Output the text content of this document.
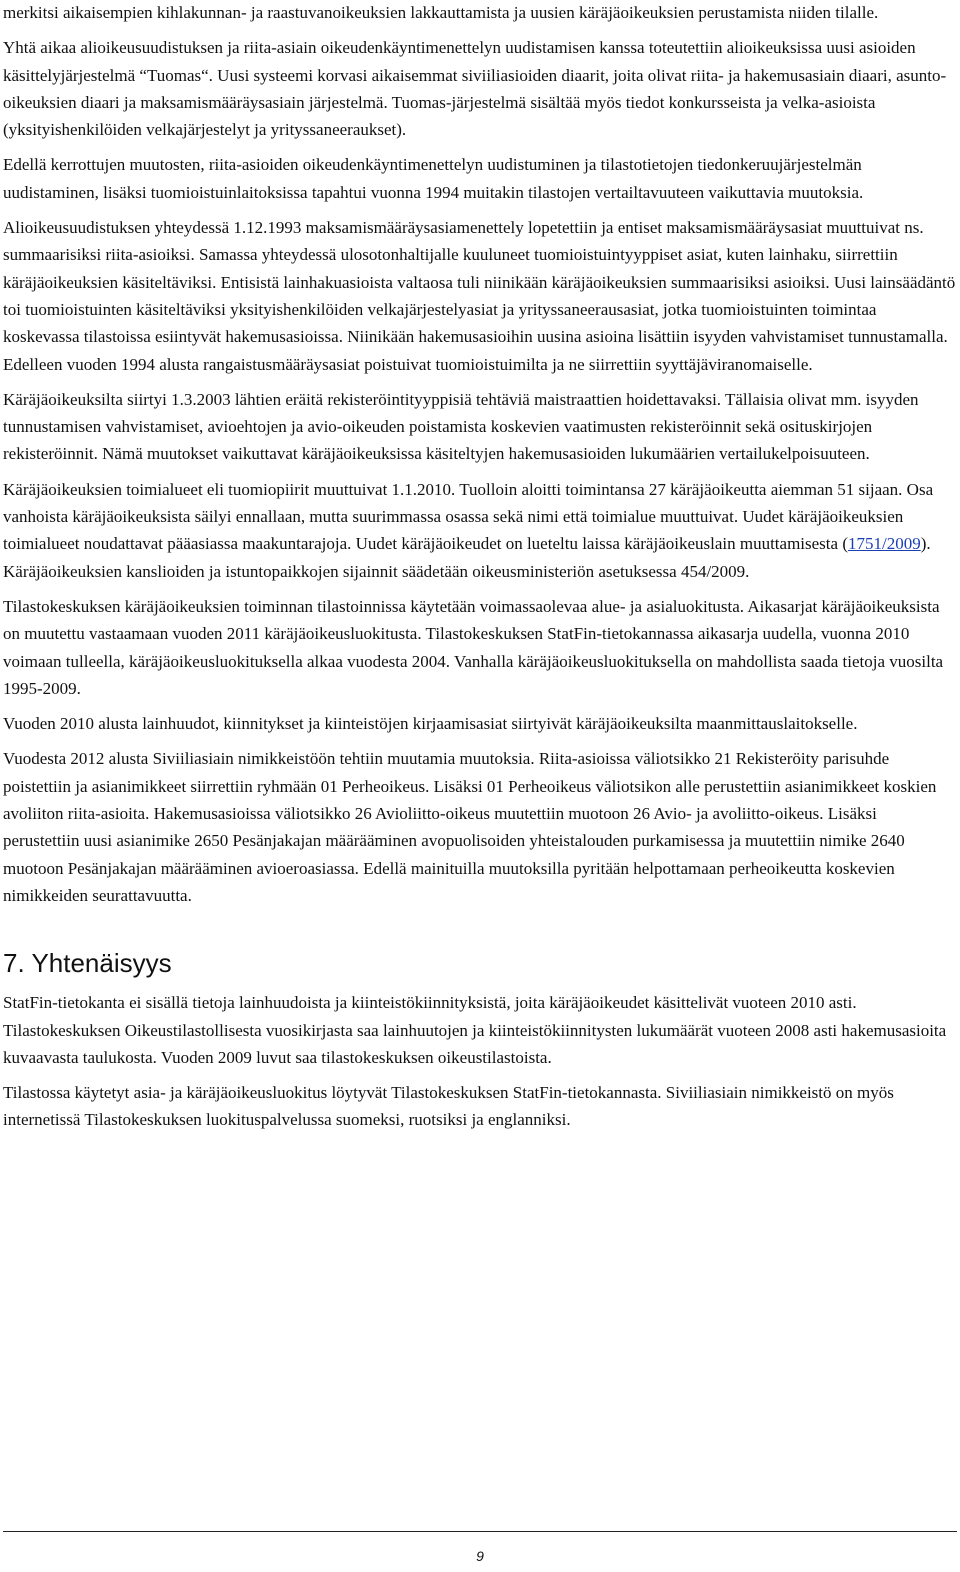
merkitsi aikaisempien kihlakunnan- ja raastuvanoikeuksien lakkauttamista ja uusien käräjäoikeuksien perustamista niiden tilalle.

Yhtä aikaa alioikeusuudistuksen ja riita-asiain oikeudenkäyntimenettelyn uudistamisen kanssa toteutettiin alioikeuksissa uusi asioiden käsittelyjärjestelmä “Tuomas“. Uusi systeemi korvasi aikaisemmat siviiliasioiden diaarit, joita olivat riita- ja hakemusasiain diaari, asunto-oikeuksien diaari ja maksamismääräysasiain järjestelmä. Tuomas-järjestelmä sisältää myös tiedot konkursseista ja velka-asioista (yksityishenkilöiden velkajärjestelyt ja yrityssaneeraukset).

Edellä kerrottujen muutosten, riita-asioiden oikeudenkäyntimenettelyn uudistuminen ja tilastotietojen tiedonkeruujärjestelmän uudistaminen, lisäksi tuomioistuinlaitoksissa tapahtui vuonna 1994 muitakin tilastojen vertailtavuuteen vaikuttavia muutoksia.

Alioikeusuudistuksen yhteydessä 1.12.1993 maksamismääräysasiamenettely lopetettiin ja entiset maksamismääräysasiat muuttuivat ns. summaarisiksi riita-asioiksi. Samassa yhteydessä ulosotonhaltijalle kuuluneet tuomioistuintyyppiset asiat, kuten lainhaku, siirrettiin käräjäoikeuksien käsiteltäviksi. Entisistä lainhakuasioista valtaosa tuli niinikään käräjäoikeuksien summaarisiksi asioiksi. Uusi lainsäädäntö toi tuomioistuinten käsiteltäviksi yksityishenkilöiden velkajärjestelyasiat ja yrityssaneerausasiat, jotka tuomioistuinten toimintaa koskevassa tilastoissa esiintyvät hakemusasioissa. Niinikään hakemusasioihin uusina asioina lisättiin isyyden vahvistamiset tunnustamalla. Edelleen vuoden 1994 alusta rangaistusmääräysasiat poistuivat tuomioistuimilta ja ne siirrettiin syyttäjäviranomaiselle.

Käräjäoikeuksilta siirtyi 1.3.2003 lähtien eräitä rekisteröintityyppisiä tehtäviä maistraattien hoidettavaksi. Tällaisia olivat mm. isyyden tunnustamisen vahvistamiset, avioehtojen ja avio-oikeuden poistamista koskevien vaatimusten rekisteröinnit sekä osituskirjojen rekisteröinnit. Nämä muutokset vaikuttavat käräjäoikeuksissa käsiteltyjen hakemusasioiden lukumäärien vertailukelpoisuuteen.

Käräjäoikeuksien toimialueet eli tuomiopiirit muuttuivat 1.1.2010. Tuolloin aloitti toimintansa 27 käräjäoikeutta aiemman 51 sijaan. Osa vanhoista käräjäoikeuksista säilyi ennallaan, mutta suurimmassa osassa sekä nimi että toimialue muuttuivat. Uudet käräjäoikeuksien toimialueet noudattavat pääasiassa maakuntarajoja. Uudet käräjäoikeudet on lueteltu laissa käräjäoikeuslain muuttamisesta (1751/2009). Käräjäoikeuksien kanslioiden ja istuntopaikkojen sijainnit säädetään oikeusministeriön asetuksessa 454/2009.

Tilastokeskuksen käräjäoikeuksien toiminnan tilastoinnissa käytetään voimassaolevaa alue- ja asialuokitusta. Aikasarjat käräjäoikeuksista on muutettu vastaamaan vuoden 2011 käräjäoikeusluokitusta. Tilastokeskuksen StatFin-tietokannassa aikasarja uudella, vuonna 2010 voimaan tulleella, käräjäoikeusluokituksella alkaa vuodesta 2004. Vanhalla käräjäoikeusluokituksella on mahdollista saada tietoja vuosilta 1995-2009.

Vuoden 2010 alusta lainhuudot, kiinnitykset ja kiinteistöjen kirjaamisasiat siirtyivät käräjäoikeuksilta maanmittauslaitokselle.

Vuodesta 2012 alusta Siviiliasiain nimikkeistöön tehtiin muutamia muutoksia. Riita-asioissa väliotsikko 21 Rekisteröity parisuhde poistettiin ja asianimikkeet siirrettiin ryhmään 01 Perheoikeus. Lisäksi 01 Perheoikeus väliotsikon alle perustettiin asianimikkeet koskien avoliiton riita-asioita. Hakemusasioissa väliotsikko 26 Avioliitto-oikeus muutettiin muotoon 26 Avio- ja avoliitto-oikeus. Lisäksi perustettiin uusi asianimike 2650 Pesänjakajan määrääminen avopuolisoiden yhteistalouden purkamisessa ja muutettiin nimike 2640 muotoon Pesänjakajan määrääminen avioeroasiassa. Edellä mainituilla muutoksilla pyritään helpottamaan perheoikeutta koskevien nimikkeiden seurattavuutta.

7. Yhtenäisyys

StatFin-tietokanta ei sisällä tietoja lainhuudoista ja kiinteistökiinnityksistä, joita käräjäoikeudet käsittelivät vuoteen 2010 asti. Tilastokeskuksen Oikeustilastollisesta vuosikirjasta saa lainhuutojen ja kiinteistökiinnitysten lukumäärät vuoteen 2008 asti hakemusasioita kuvaavasta taulukosta. Vuoden 2009 luvut saa tilastokeskuksen oikeustilastoista.

Tilastossa käytetyt asia- ja käräjäoikeusluokitus löytyvät Tilastokeskuksen StatFin-tietokannasta. Siviiliasiain nimikkeistö on myös internetissä Tilastokeskuksen luokituspalvelussa suomeksi, ruotsiksi ja englanniksi.

9
